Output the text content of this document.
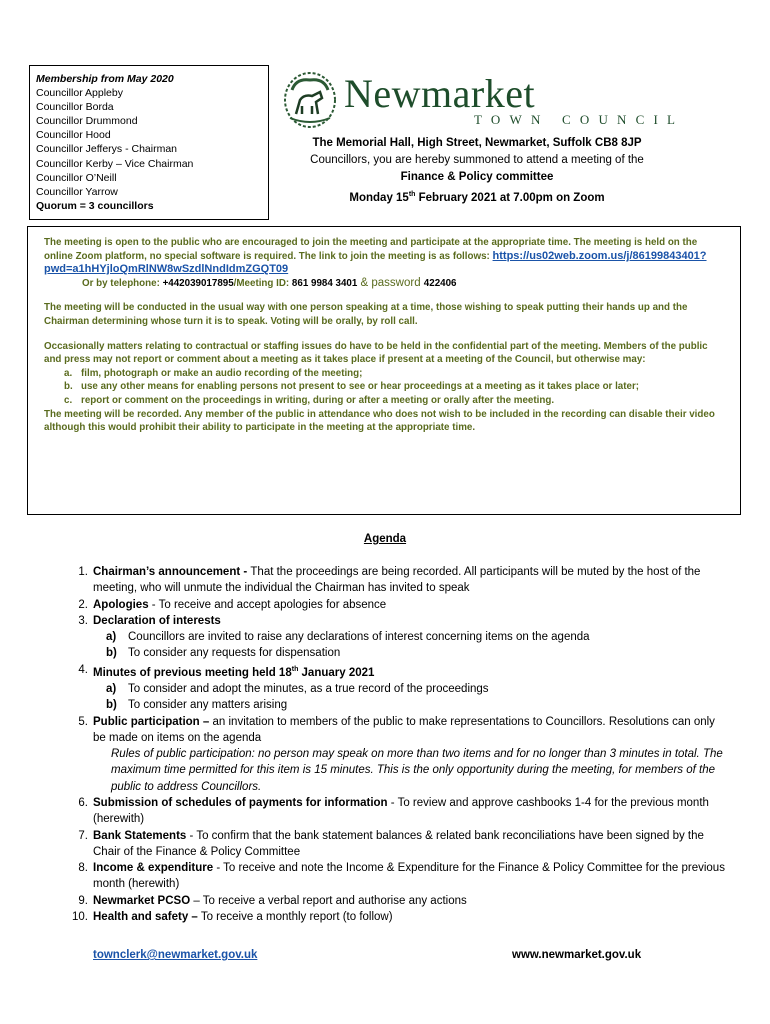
Membership from May 2020
Councillor Appleby
Councillor Borda
Councillor Drummond
Councillor Hood
Councillor Jefferys - Chairman
Councillor Kerby – Vice Chairman
Councillor O’Neill
Councillor Yarrow
Quorum = 3 councillors
Newmarket
TOWN COUNCIL
The Memorial Hall, High Street, Newmarket, Suffolk CB8 8JP
Councillors, you are hereby summoned to attend a meeting of the
Finance & Policy committee
Monday 15th February 2021 at 7.00pm on Zoom

The meeting is open to the public who are encouraged to join the meeting and participate at the appropriate time. The meeting is held on the online Zoom platform, no special software is required. The link to join the meeting is as follows: https://us02web.zoom.us/j/86199843401?pwd=a1hHYjloQmRlNW8wSzdlNndIdmZGQT09

Or by telephone: +442039017895/Meeting ID: 861 9984 3401 & password 422406

The meeting will be conducted in the usual way with one person speaking at a time, those wishing to speak putting their hands up and the Chairman determining whose turn it is to speak. Voting will be orally, by roll call.

Occasionally matters relating to contractual or staffing issues do have to be held in the confidential part of the meeting. Members of the public and press may not report or comment about a meeting as it takes place if present at a meeting of the Council, but otherwise may:

a. film, photograph or make an audio recording of the meeting;
b. use any other means for enabling persons not present to see or hear proceedings at a meeting as it takes place or later;
c. report or comment on the proceedings in writing, during or after a meeting or orally after the meeting.

The meeting will be recorded. Any member of the public in attendance who does not wish to be included in the recording can disable their video although this would prohibit their ability to participate in the meeting at the appropriate time.

Agenda
1. Chairman’s announcement - That the proceedings are being recorded. All participants will be muted by the host of the meeting, who will unmute the individual the Chairman has invited to speak
2. Apologies - To receive and accept apologies for absence
3. Declaration of interests
a) Councillors are invited to raise any declarations of interest concerning items on the agenda
b) To consider any requests for dispensation
4. Minutes of previous meeting held 18th January 2021
a) To consider and adopt the minutes, as a true record of the proceedings
b) To consider any matters arising
5. Public participation – an invitation to members of the public to make representations to Councillors. Resolutions can only be made on items on the agenda
Rules of public participation: no person may speak on more than two items and for no longer than 3 minutes in total. The maximum time permitted for this item is 15 minutes. This is the only opportunity during the meeting, for members of the public to address Councillors.
6. Submission of schedules of payments for information - To review and approve cashbooks 1-4 for the previous month (herewith)
7. Bank Statements - To confirm that the bank statement balances & related bank reconciliations have been signed by the Chair of the Finance & Policy Committee
8. Income & expenditure - To receive and note the Income & Expenditure for the Finance & Policy Committee for the previous month (herewith)
9. Newmarket PCSO – To receive a verbal report and authorise any actions
10. Health and safety – To receive a monthly report (to follow)
townclerk@newmarket.gov.uk	www.newmarket.gov.uk
